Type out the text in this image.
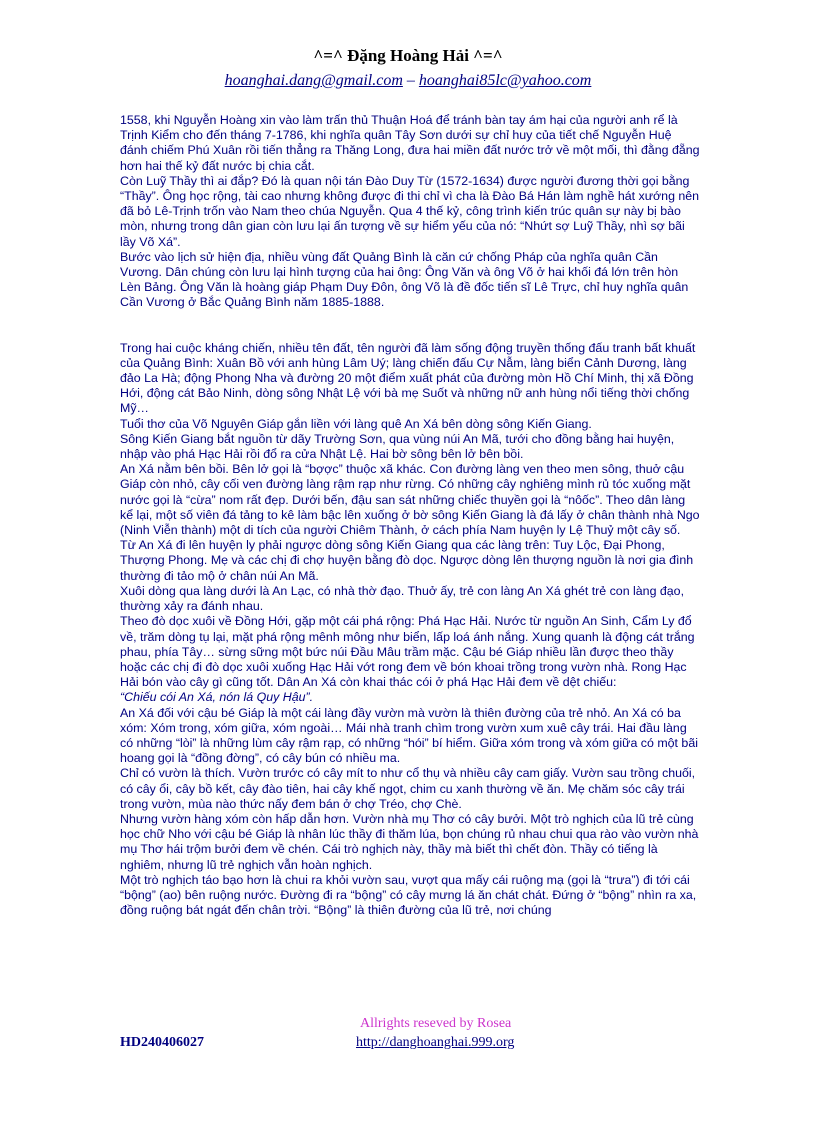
^=^ Đặng Hoàng Hải ^=^
hoanghai.dang@gmail.com – hoanghai85lc@yahoo.com

1558, khi Nguyễn Hoàng xin vào làm trấn thủ Thuận Hoá để tránh bàn tay ám hại của người anh rể là Trịnh Kiểm cho đến tháng 7-1786, khi nghĩa quân Tây Sơn dưới sự chỉ huy của tiết chế Nguyễn Huệ đánh chiếm Phú Xuân rồi tiến thẳng ra Thăng Long, đưa hai miền đất nước trở về một mối, thì đằng đẵng hơn hai thế kỷ đất nước bị chia cắt.

Còn Luỹ Thầy thì ai đắp? Đó là quan nội tán Đào Duy Từ (1572-1634) được người đương thời gọi bằng “Thầy”. Ông học rộng, tài cao nhưng không được đi thi chỉ vì cha là Đào Bá Hán làm nghề hát xướng nên đã bỏ Lê-Trịnh trốn vào Nam theo chúa Nguyễn. Qua 4 thế kỷ, công trình kiến trúc quân sự này bị bào mòn, nhưng trong dân gian còn lưu lại ấn tượng về sự hiểm yếu của nó: “Nhứt sợ Luỹ Thầy, nhì sợ bãi lầy Võ Xá”.

Bước vào lịch sử hiện địa, nhiều vùng đất Quảng Bình là căn cứ chống Pháp của nghĩa quân Cần Vương. Dân chúng còn lưu lại hình tượng của hai ông: Ông Văn và ông Võ ở hai khối đá lớn trên hòn Lèn Bảng. Ông Văn là hoàng giáp Phạm Duy Đôn, ông Võ là đề đốc tiến sĩ Lê Trực, chỉ huy nghĩa quân Cần Vương ở Bắc Quảng Bình năm 1885-1888.

Trong hai cuộc kháng chiến, nhiều tên đất, tên người đã làm sống động truyền thống đấu tranh bất khuất của Quảng Bình: Xuân Bồ với anh hùng Lâm Uý; làng chiến đấu Cự Nẫm, làng biển Cảnh Dương, làng đảo La Hà; động Phong Nha và đường 20 một điểm xuất phát của đường mòn Hồ Chí Minh, thị xã Đồng Hới, động cát Bảo Ninh, dòng sông Nhật Lệ với bà mẹ Suốt và những nữ anh hùng nổi tiếng thời chống Mỹ…

Tuổi thơ của Võ Nguyên Giáp gắn liền với làng quê An Xá bên dòng sông Kiến Giang.

Sông Kiến Giang bắt nguồn từ dãy Trường Sơn, qua vùng núi An Mã, tưới cho đồng bằng hai huyện, nhập vào phá Hạc Hải rồi đổ ra cửa Nhật Lệ. Hai bờ sông bên lở bên bồi.

An Xá nằm bên bồi. Bên lở gọi là “bợợc” thuộc xã khác. Con đường làng ven theo men sông, thuở cậu Giáp còn nhỏ, cây cối ven đường làng rậm rạp như rừng. Có những cây nghiêng mình rủ tóc xuống mặt nước gọi là “cừa” nom rất đẹp. Dưới bến, đậu san sát những chiếc thuyền gọi là “nôốc”. Theo dân làng kể lại, một số viên đá tảng to kê làm bậc lên xuống ở bờ sông Kiến Giang là đá lấy ở chân thành nhà Ngo (Ninh Viễn thành) một di tích của người Chiêm Thành, ở cách phía Nam huyện ly Lệ Thuỷ một cây số.

Từ An Xá đi lên huyện ly phải ngược dòng sông Kiến Giang qua các làng trên: Tuy Lộc, Đại Phong, Thượng Phong. Mẹ và các chị đi chợ huyện bằng đò dọc. Ngược dòng lên thượng nguồn là nơi gia đình thường đi tảo mộ ở chân núi An Mã.

Xuôi dòng qua làng dưới là An Lạc, có nhà thờ đạo. Thuở ấy, trẻ con làng An Xá ghét trẻ con làng đạo, thường xảy ra đánh nhau.

Theo đò dọc xuôi về Đồng Hới, gặp một cái phá rộng: Phá Hạc Hải. Nước từ nguồn An Sinh, Cẩm Ly đổ về, trăm dòng tụ lại, mặt phá rộng mênh mông như biển, lấp loá ánh nắng. Xung quanh là động cát trắng phau, phía Tây… sừng sững một bức núi Đầu Mâu trầm mặc. Cậu bé Giáp nhiều lần được theo thầy hoặc các chị đi đò dọc xuôi xuống Hạc Hải vớt rong đem về bón khoai trồng trong vườn nhà. Rong Hạc Hải bón vào cây gì cũng tốt. Dân An Xá còn khai thác cói ở phá Hạc Hải đem về dệt chiếu:

“Chiếu cói An Xá, nón lá Quy Hậu”.

An Xá đối với cậu bé Giáp là một cái làng đầy vườn mà vườn là thiên đường của trẻ nhỏ. An Xá có ba xóm: Xóm trong, xóm giữa, xóm ngoài… Mái nhà tranh chìm trong vườn xum xuê cây trái. Hai đầu làng có những “lòi” là những lùm cây rậm rạp, có những “hói” bí hiểm. Giữa xóm trong và xóm giữa có một bãi hoang gọi là “đồng đờng”, có cây bún có nhiều ma.

Chỉ có vườn là thích. Vườn trước có cây mít to như cổ thụ và nhiều cây cam giấy. Vườn sau trồng chuối, có cây ổi, cây bồ kết, cây đào tiên, hai cây khế ngọt, chim cu xanh thường về ăn. Mẹ chăm sóc cây trái trong vườn, mùa nào thức nấy đem bán ở chợ Tréo, chợ Chè.

Nhưng vườn hàng xóm còn hấp dẫn hơn. Vườn nhà mụ Thơ có cây bưởi. Một trò nghịch của lũ trẻ cùng học chữ Nho với cậu bé Giáp là nhân lúc thầy đi thăm lúa, bọn chúng rủ nhau chui qua rào vào vườn nhà mụ Thơ hái trộm bưởi đem về chén. Cái trò nghịch này, thầy mà biết thì chết đòn. Thầy có tiếng là nghiêm, nhưng lũ trẻ nghịch vẫn hoàn nghịch.

Một trò nghịch táo bạo hơn là chui ra khỏi vườn sau, vượt qua mấy cái ruộng mạ (gọi là “trưa”) đi tới cái “bộng” (ao) bên ruộng nước. Đường đi ra “bộng” có cây mưng lá ăn chát chát. Đứng ở “bộng” nhìn ra xa, đồng ruộng bát ngát đến chân trời. “Bộng” là thiên đường của lũ trẻ, nơi chúng

Allrights reseved by Rosea
HD240406027	http://danghoanghai.999.org
